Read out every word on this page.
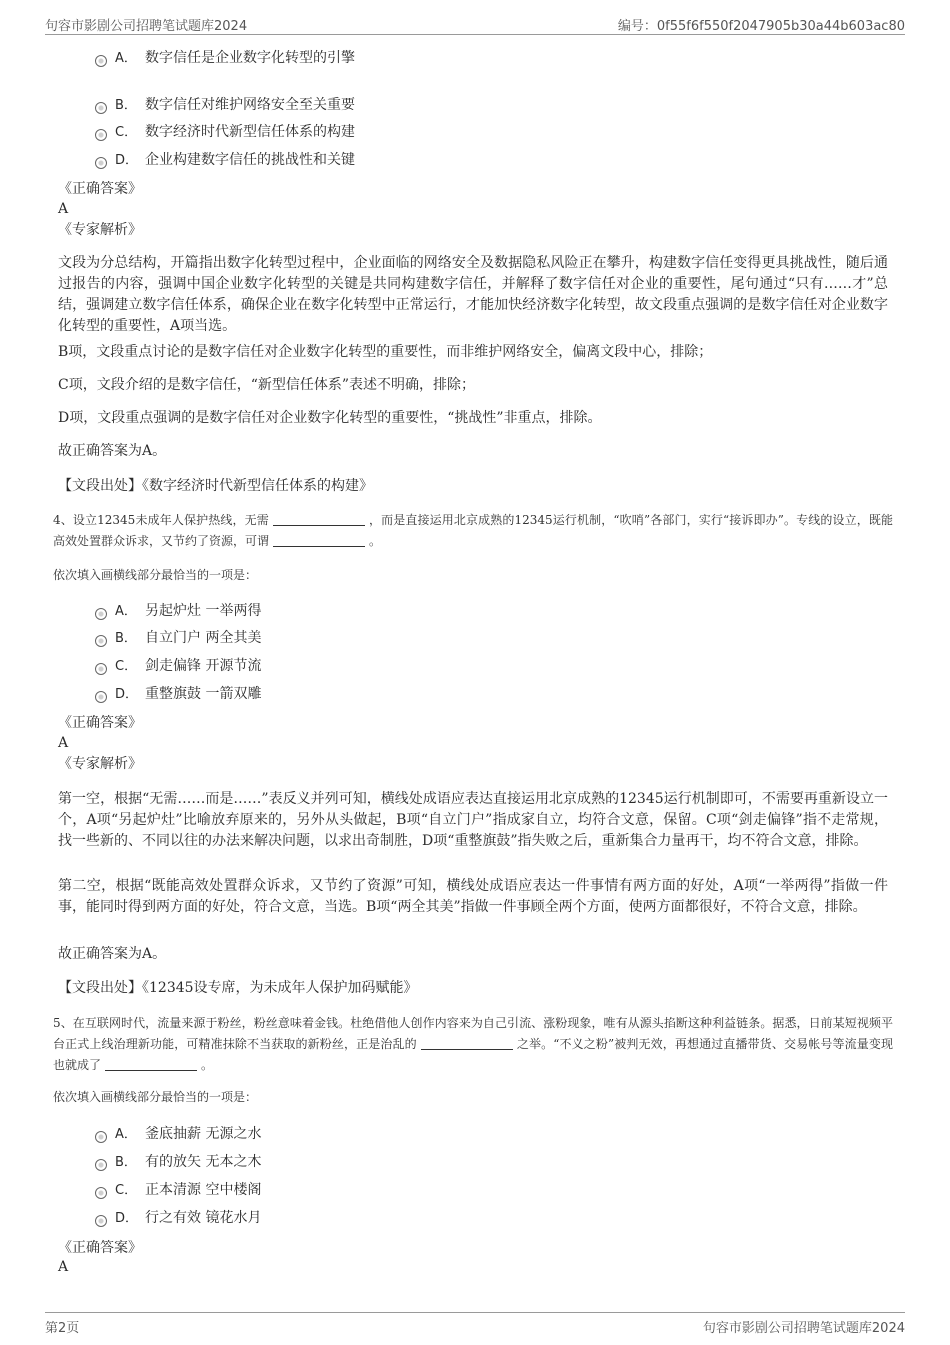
句容市影剧公司招聘笔试题库2024	编号：0f55f6f550f2047905b30a44b603ac80
A． 数字信任是企业数字化转型的引擎
B． 数字信任对维护网络安全至关重要
C． 数字经济时代新型信任体系的构建
D． 企业构建数字信任的挑战性和关键
《正确答案》
A
《专家解析》
文段为分总结构，开篇指出数字化转型过程中，企业面临的网络安全及数据隐私风险正在攀升，构建数字信任变得更具挑战性，随后通过报告的内容，强调中国企业数字化转型的关键是共同构建数字信任，并解释了数字信任对企业的重要性，尾句通过“只有……才”总结，强调建立数字信任体系，确保企业在数字化转型中正常运行，才能加快经济数字化转型，故文段重点强调的是数字信任对企业数字化转型的重要性，A项当选。
B项，文段重点讨论的是数字信任对企业数字化转型的重要性，而非维护网络安全，偏离文段中心，排除；
C项，文段介绍的是数字信任，“新型信任体系”表述不明确，排除；
D项，文段重点强调的是数字信任对企业数字化转型的重要性，“挑战性”非重点，排除。
故正确答案为A。
【文段出处】《数字经济时代新型信任体系的构建》
4、设立12345未成年人保护热线，无需	，而是直接运用北京成熟的12345运行机制，“吹哨”各部门，实行“接诉即办”。专线的设立，既能高效处置群众诉求，又节约了资源，可谓	。
依次填入画横线部分最恰当的一项是：
A． 另起炉灶 一举两得
B． 自立门户 两全其美
C． 剑走偏锋 开源节流
D． 重整旗鼓 一箭双雕
《正确答案》
A
《专家解析》
第一空，根据“无需……而是……”表反义并列可知，横线处成语应表达直接运用北京成熟的12345运行机制即可，不需要再重新设立一个，A项“另起炉灶”比喻放弃原来的，另外从头做起，B项“自立门户”指成家自立，均符合文意，保留。C项“剑走偏锋”指不走常规，找一些新的、不同以往的办法来解决问题，以求出奇制胜，D项“重整旗鼓”指失败之后，重新集合力量再干，均不符合文意，排除。
第二空，根据“既能高效处置群众诉求，又节约了资源”可知，横线处成语应表达一件事情有两方面的好处，A项“一举两得”指做一件事，能同时得到两方面的好处，符合文意，当选。B项“两全其美”指做一件事顾全两个方面，使两方面都很好，不符合文意，排除。
故正确答案为A。
【文段出处】《12345设专席，为未成年人保护加码赋能》
5、在互联网时代，流量来源于粉丝，粉丝意味着金钱。杜绝借他人创作内容来为自己引流、涨粉现象，唯有从源头掐断这种利益链条。据悉，日前某短视频平台正式上线治理新功能，可精准抹除不当获取的新粉丝，正是治乱的	之举。“不义之粉”被判无效，再想通过直播带货、交易帐号等流量变现也就成了	。
依次填入画横线部分最恰当的一项是：
A． 釜底抽薪 无源之水
B． 有的放矢 无本之木
C． 正本清源 空中楼阁
D． 行之有效 镜花水月
《正确答案》
A
第2页	句容市影剧公司招聘笔试题库2024
